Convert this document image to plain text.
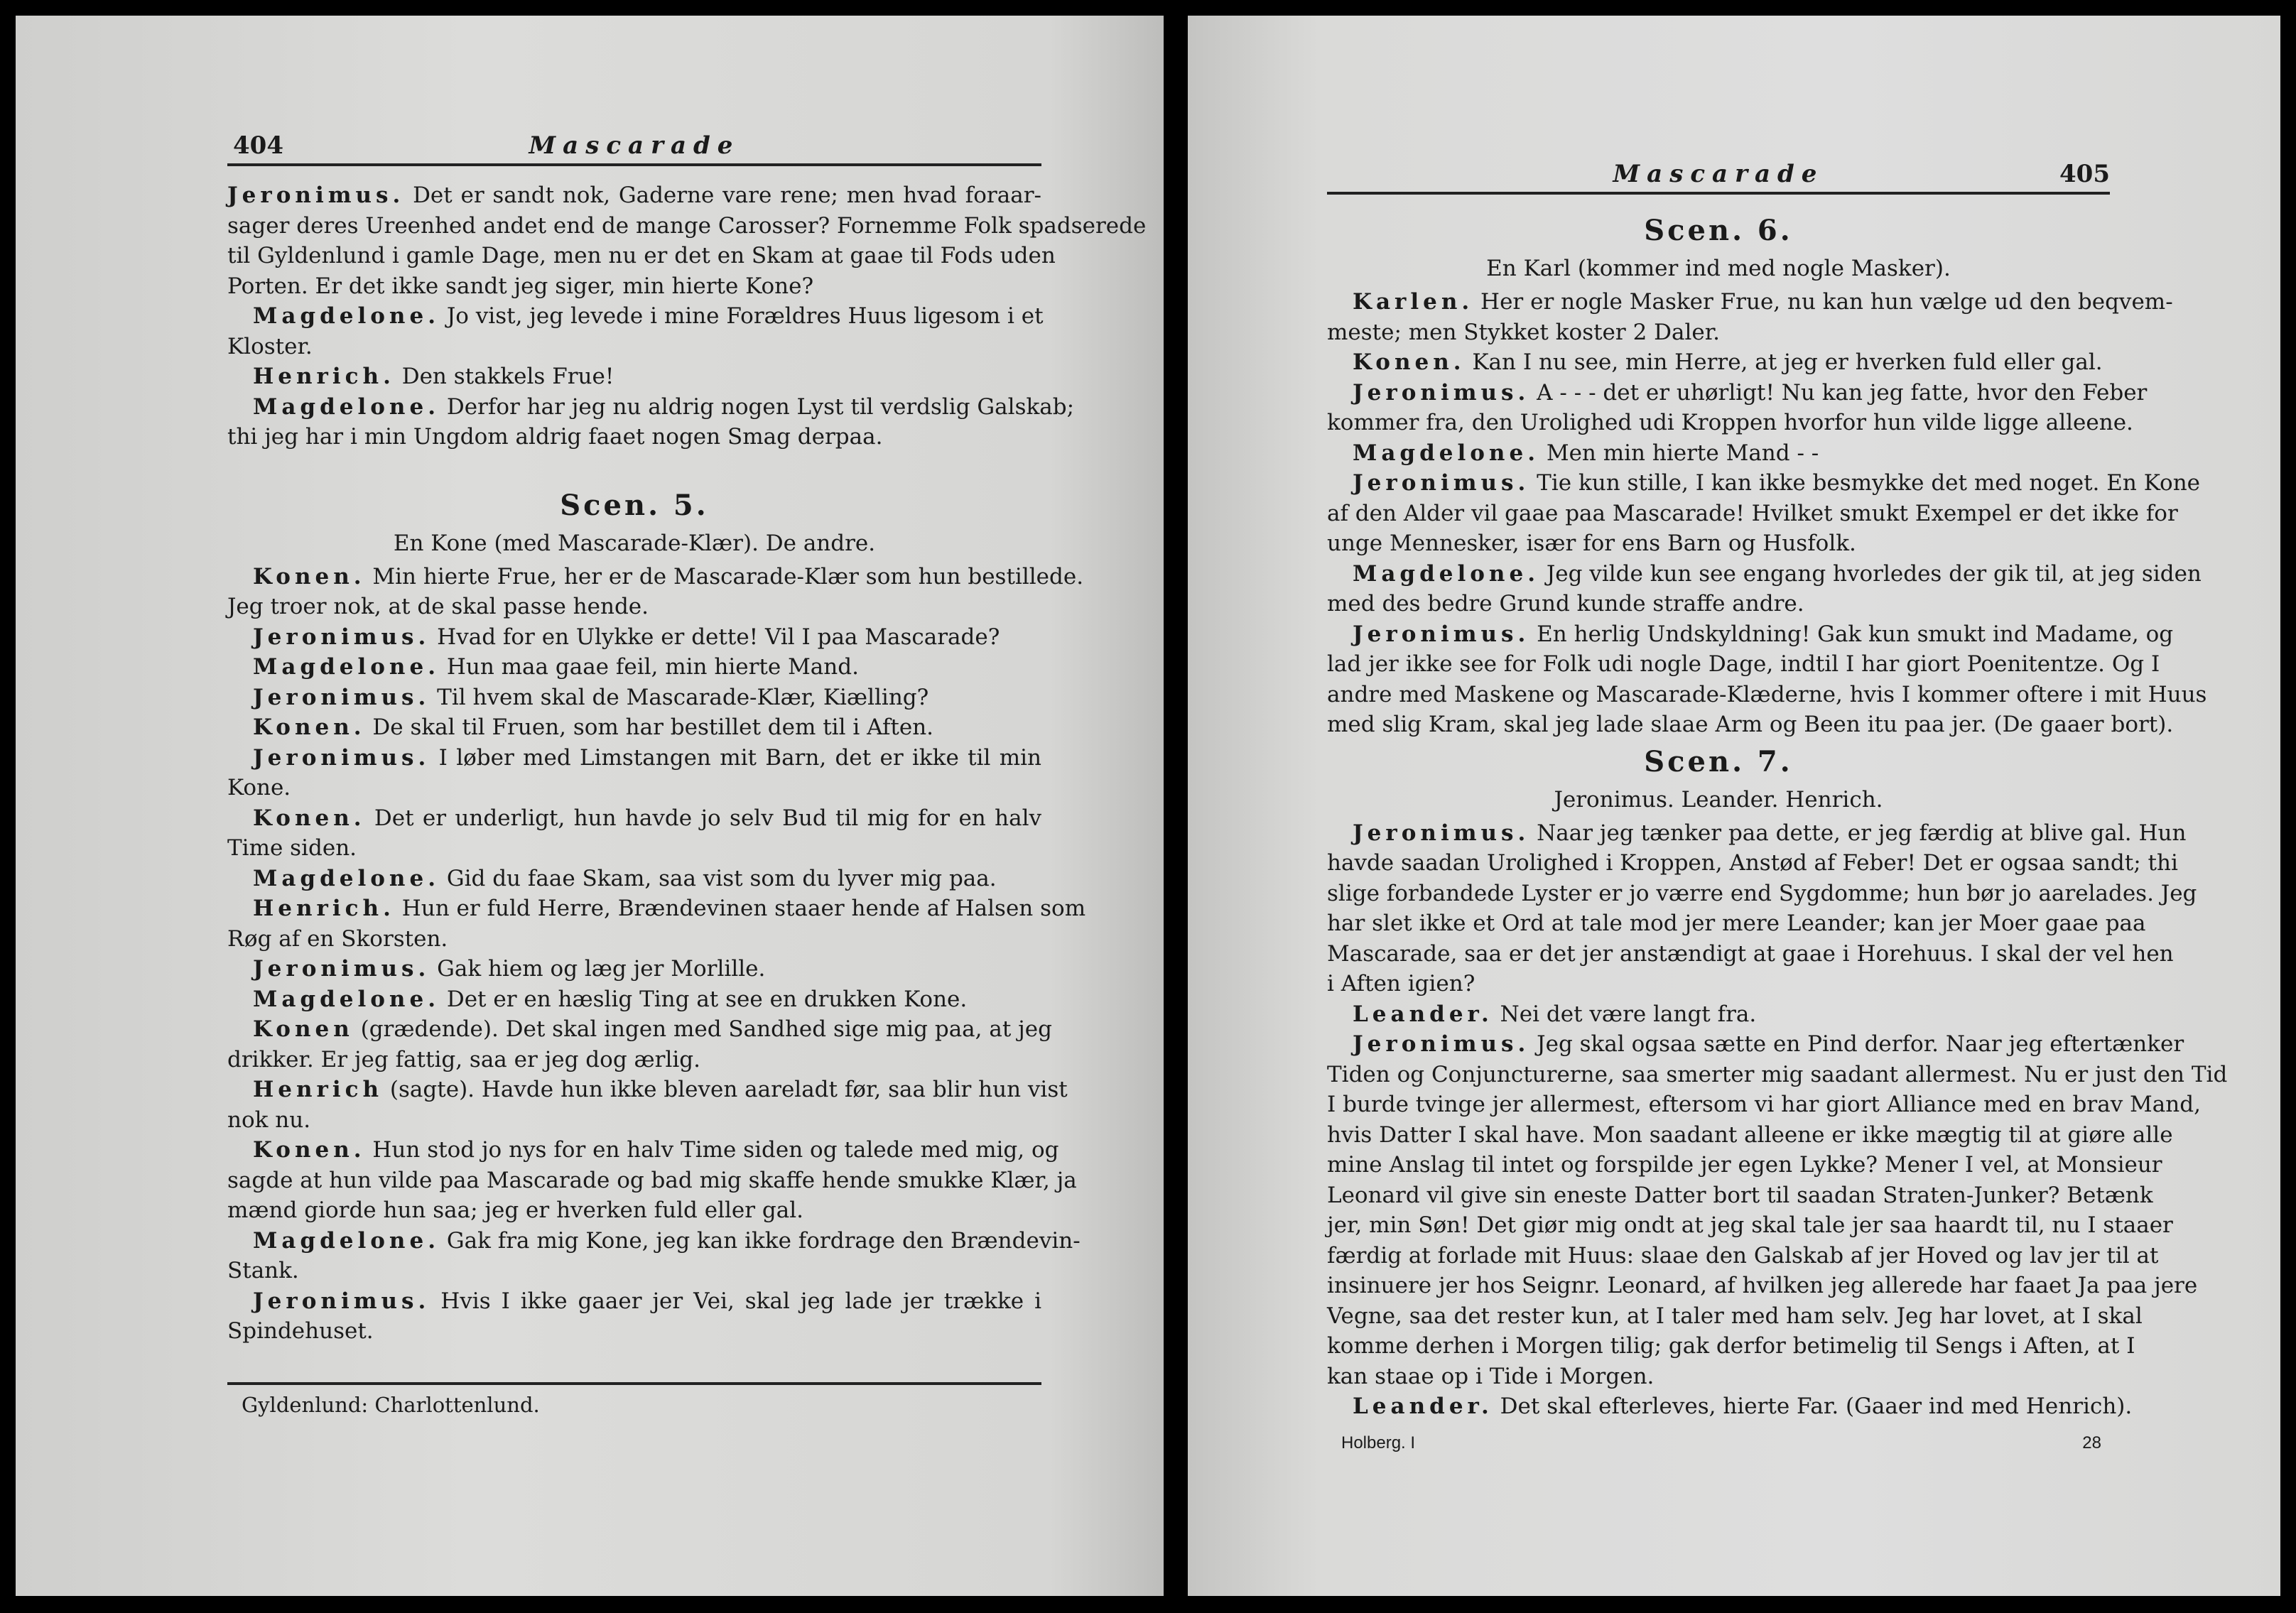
404	Mascarade
Jeronimus. Det er sandt nok, Gaderne vare rene; men hvad foraar-
sager deres Ureenhed andet end de mange Carosser? Fornemme Folk spadserede
til Gyldenlund i gamle Dage, men nu er det en Skam at gaae til Fods uden
Porten. Er det ikke sandt jeg siger, min hierte Kone?
Magdelone. Jo vist, jeg levede i mine Forældres Huus ligesom i et
Kloster.
Henrich. Den stakkels Frue!
Magdelone. Derfor har jeg nu aldrig nogen Lyst til verdslig Galskab;
thi jeg har i min Ungdom aldrig faaet nogen Smag derpaa.
Scen. 5.
En Kone (med Mascarade-Klær). De andre.
Konen. Min hierte Frue, her er de Mascarade-Klær som hun bestillede.
Jeg troer nok, at de skal passe hende.
Jeronimus. Hvad for en Ulykke er dette! Vil I paa Mascarade?
Magdelone. Hun maa gaae feil, min hierte Mand.
Jeronimus. Til hvem skal de Mascarade-Klær, Kiælling?
Konen. De skal til Fruen, som har bestillet dem til i Aften.
Jeronimus. I løber med Limstangen mit Barn, det er ikke til min
Kone.
Konen. Det er underligt, hun havde jo selv Bud til mig for en halv
Time siden.
Magdelone. Gid du faae Skam, saa vist som du lyver mig paa.
Henrich. Hun er fuld Herre, Brændevinen staaer hende af Halsen som
Røg af en Skorsten.
Jeronimus. Gak hiem og læg jer Morlille.
Magdelone. Det er en hæslig Ting at see en drukken Kone.
Konen (grædende). Det skal ingen med Sandhed sige mig paa, at jeg
drikker. Er jeg fattig, saa er jeg dog ærlig.
Henrich (sagte). Havde hun ikke bleven aareladt før, saa blir hun vist
nok nu.
Konen. Hun stod jo nys for en halv Time siden og talede med mig, og
sagde at hun vilde paa Mascarade og bad mig skaffe hende smukke Klær, ja
mænd giorde hun saa; jeg er hverken fuld eller gal.
Magdelone. Gak fra mig Kone, jeg kan ikke fordrage den Brændevin-
Stank.
Jeronimus. Hvis I ikke gaaer jer Vei, skal jeg lade jer trække i
Spindehuset.
Gyldenlund: Charlottenlund.
Mascarade	405
Scen. 6.
En Karl (kommer ind med nogle Masker).
Karlen. Her er nogle Masker Frue, nu kan hun vælge ud den beqvem-
meste; men Stykket koster 2 Daler.
Konen. Kan I nu see, min Herre, at jeg er hverken fuld eller gal.
Jeronimus. A - - - det er uhørligt! Nu kan jeg fatte, hvor den Feber
kommer fra, den Urolighed udi Kroppen hvorfor hun vilde ligge alleene.
Magdelone. Men min hierte Mand - -
Jeronimus. Tie kun stille, I kan ikke besmykke det med noget. En Kone
af den Alder vil gaae paa Mascarade! Hvilket smukt Exempel er det ikke for
unge Mennesker, især for ens Barn og Husfolk.
Magdelone. Jeg vilde kun see engang hvorledes der gik til, at jeg siden
med des bedre Grund kunde straffe andre.
Jeronimus. En herlig Undskyldning! Gak kun smukt ind Madame, og
lad jer ikke see for Folk udi nogle Dage, indtil I har giort Poenitentze. Og I
andre med Maskene og Mascarade-Klæderne, hvis I kommer oftere i mit Huus
med slig Kram, skal jeg lade slaae Arm og Been itu paa jer. (De gaaer bort).
Scen. 7.
Jeronimus. Leander. Henrich.
Jeronimus. Naar jeg tænker paa dette, er jeg færdig at blive gal. Hun
havde saadan Urolighed i Kroppen, Anstød af Feber! Det er ogsaa sandt; thi
slige forbandede Lyster er jo værre end Sygdomme; hun bør jo aarelades. Jeg
har slet ikke et Ord at tale mod jer mere Leander; kan jer Moer gaae paa
Mascarade, saa er det jer anstændigt at gaae i Horehuus. I skal der vel hen
i Aften igien?
Leander. Nei det være langt fra.
Jeronimus. Jeg skal ogsaa sætte en Pind derfor. Naar jeg eftertænker
Tiden og Conjuncturerne, saa smerter mig saadant allermest. Nu er just den Tid
I burde tvinge jer allermest, eftersom vi har giort Alliance med en brav Mand,
hvis Datter I skal have. Mon saadant alleene er ikke mægtig til at giøre alle
mine Anslag til intet og forspilde jer egen Lykke? Mener I vel, at Monsieur
Leonard vil give sin eneste Datter bort til saadan Straten-Junker? Betænk
jer, min Søn! Det giør mig ondt at jeg skal tale jer saa haardt til, nu I staaer
færdig at forlade mit Huus: slaae den Galskab af jer Hoved og lav jer til at
insinuere jer hos Seignr. Leonard, af hvilken jeg allerede har faaet Ja paa jere
Vegne, saa det rester kun, at I taler med ham selv. Jeg har lovet, at I skal
komme derhen i Morgen tilig; gak derfor betimelig til Sengs i Aften, at I
kan staae op i Tide i Morgen.
Leander. Det skal efterleves, hierte Far. (Gaaer ind med Henrich).
Holberg. I	28
